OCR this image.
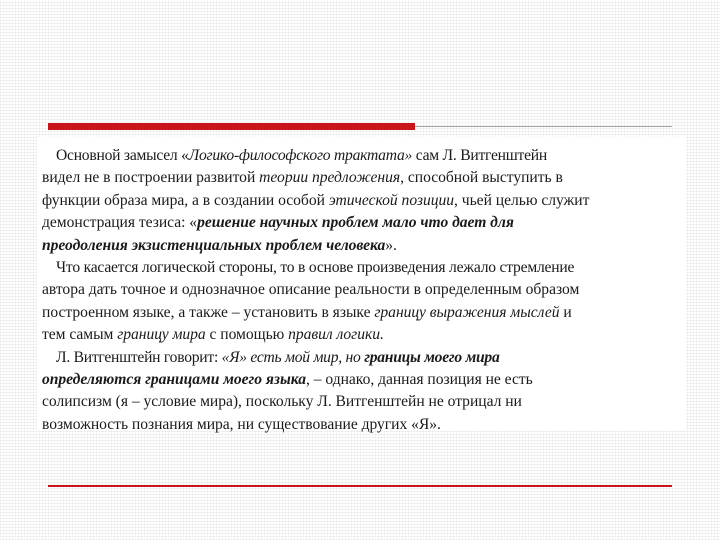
Основной замысел «Логико-философского трактата» сам Л. Витгенштейн
видел не в построении развитой теории предложения, способной выступить в
функции образа мира, а в создании особой этической позиции, чьей целью служит
демонстрация тезиса: «решение научных проблем мало что дает для
преодоления экзистенциальных проблем человека».

Что касается логической стороны, то в основе произведения лежало стремление
автора дать точное и однозначное описание реальности в определенным образом
построенном языке, а также – установить в языке границу выражения мыслей и
тем самым границу мира с помощью правил логики.

Л. Витгенштейн говорит: «Я» есть мой мир, но границы моего мира
определяются границами моего языка, – однако, данная позиция не есть
солипсизм (я – условие мира), поскольку Л. Витгенштейн не отрицал ни
возможность познания мира, ни существование других «Я».
